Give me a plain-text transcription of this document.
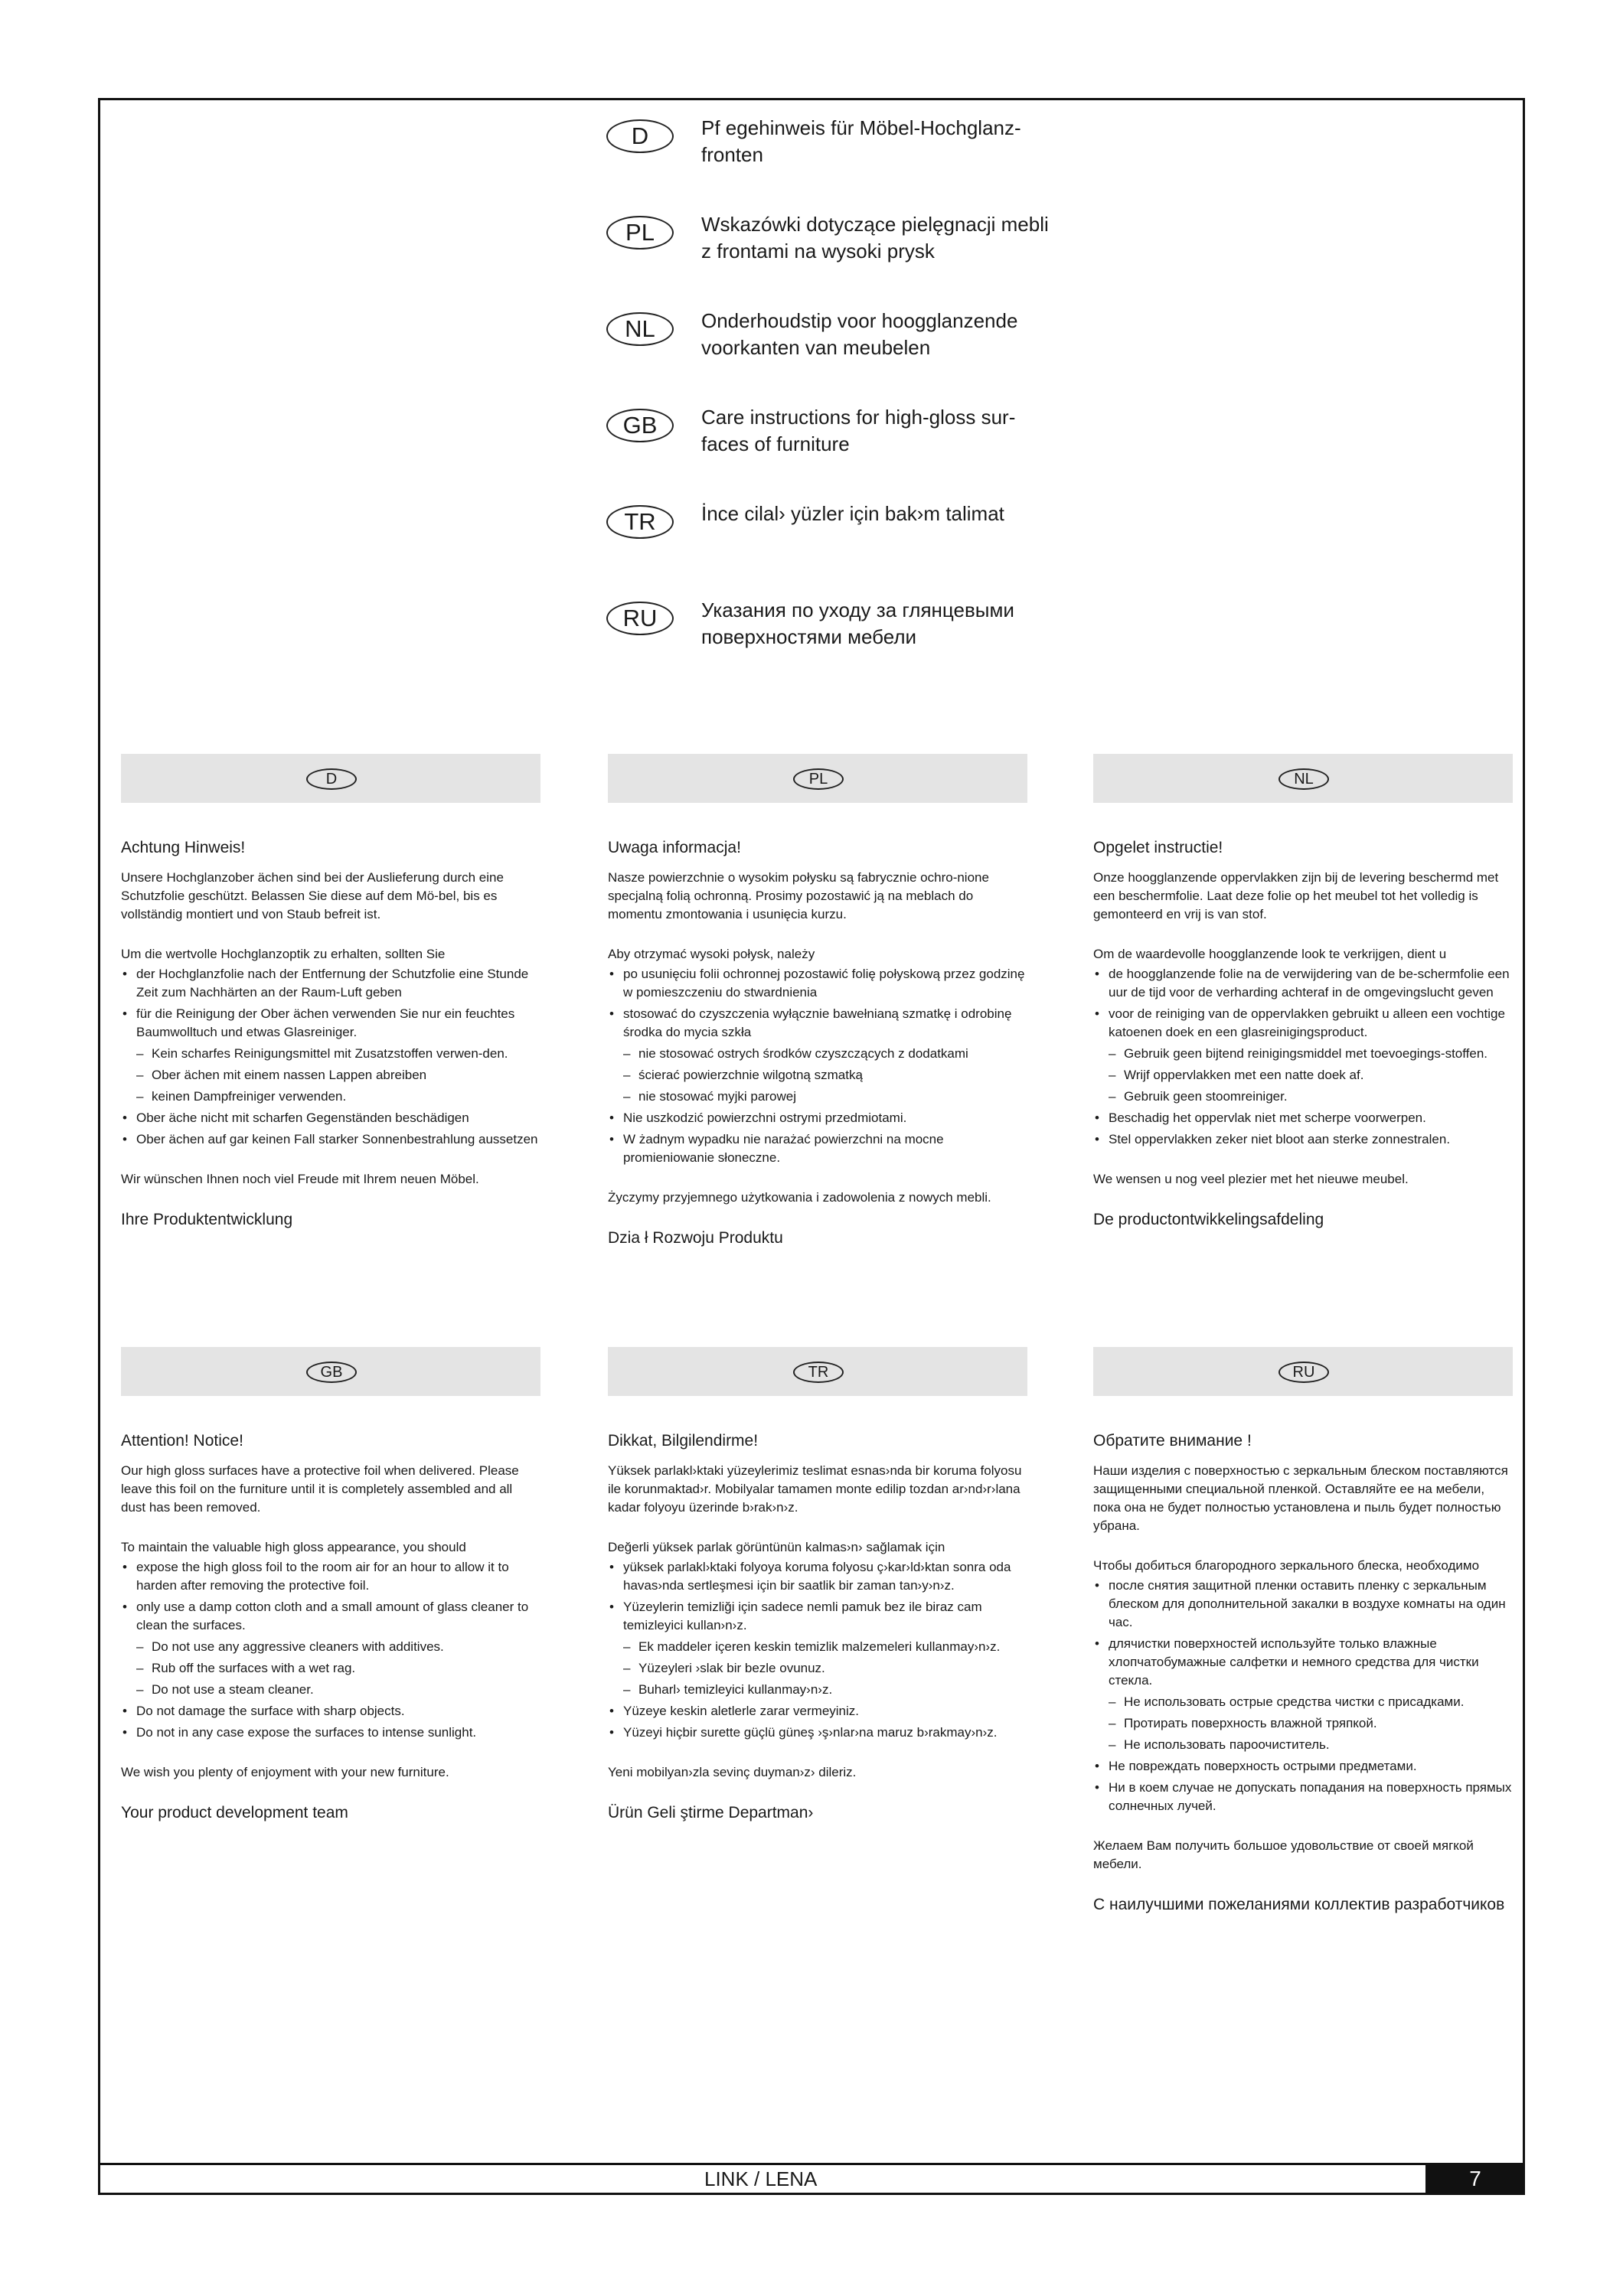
D	Pf egehinweis für Möbel-Hochglanz-
fronten
PL	Wskazówki dotyczące pielęgnacji mebli
z frontami na wysoki prysk
NL	Onderhoudstip voor hoogglanzende
voorkanten van meubelen
GB	Care instructions for high-gloss sur-
faces of furniture
TR	İnce cilal› yüzler için bak›m talimat
RU	Указания по уходу за глянцевыми
поверхностями мебели
D
Achtung Hinweis!
Unsere Hochglanzober ächen sind bei der Auslieferung durch eine Schutzfolie geschützt. Belassen Sie diese auf dem Mö-bel, bis es vollständig montiert und von Staub befreit ist.
Um die wertvolle Hochglanzoptik zu erhalten, sollten Sie
• der Hochglanzfolie nach der Entfernung der Schutzfolie eine Stunde Zeit zum Nachhärten an der Raum-Luft geben
• für die Reinigung der Ober ächen verwenden Sie nur ein feuchtes Baumwolltuch und etwas Glasreiniger.
– Kein scharfes Reinigungsmittel mit Zusatzstoffen verwen-den.
– Ober ächen mit einem nassen Lappen abreiben
– keinen Dampfreiniger verwenden.
• Ober äche nicht mit scharfen Gegenständen beschädigen
• Ober ächen auf gar keinen Fall starker Sonnenbestrahlung aussetzen
Wir wünschen Ihnen noch viel Freude mit Ihrem neuen Möbel.
Ihre Produktentwicklung
PL
Uwaga informacja!
Nasze powierzchnie o wysokim połysku są fabrycznie ochro-nione specjalną folią ochronną. Prosimy pozostawić ją na meblach do momentu zmontowania i usunięcia kurzu.
Aby otrzymać wysoki połysk, należy
• po usunięciu folii ochronnej pozostawić folię połyskową przez godzinę w pomieszczeniu do stwardnienia
• stosować do czyszczenia wyłącznie bawełnianą szmatkę i odrobinę środka do mycia szkła
– nie stosować ostrych środków czyszczących z dodatkami
– ścierać powierzchnie wilgotną szmatką
– nie stosować myjki parowej
• Nie uszkodzić powierzchni ostrymi przedmiotami.
• W żadnym wypadku nie narażać powierzchni na mocne promieniowanie słoneczne.
Życzymy przyjemnego użytkowania i zadowolenia z nowych mebli.
Dzia ł Rozwoju Produktu
NL
Opgelet instructie!
Onze hoogglanzende oppervlakken zijn bij de levering beschermd met een beschermfolie. Laat deze folie op het meubel tot het volledig is gemonteerd en vrij is van stof.
Om de waardevolle hoogglanzende look te verkrijgen, dient u
• de hoogglanzende folie na de verwijdering van de be-schermfolie een uur de tijd voor de verharding achteraf in de omgevingslucht geven
• voor de reiniging van de oppervlakken gebruikt u alleen een vochtige katoenen doek en een glasreinigingsproduct.
– Gebruik geen bijtend reinigingsmiddel met toevoegings-stoffen.
– Wrijf oppervlakken met een natte doek af.
– Gebruik geen stoomreiniger.
• Beschadig het oppervlak niet met scherpe voorwerpen.
• Stel oppervlakken zeker niet bloot aan sterke zonnestralen.
We wensen u nog veel plezier met het nieuwe meubel.
De productontwikkelingsafdeling
GB
Attention! Notice!
Our high gloss surfaces have a protective foil when delivered. Please leave this foil on the furniture until it is completely assembled and all dust has been removed.
To maintain the valuable high gloss appearance, you should
• expose the high gloss foil to the room air for an hour to allow it to harden after removing the protective foil.
• only use a damp cotton cloth and a small amount of glass cleaner to clean the surfaces.
– Do not use any aggressive cleaners with additives.
– Rub off the surfaces with a wet rag.
– Do not use a steam cleaner.
• Do not damage the surface with sharp objects.
• Do not in any case expose the surfaces to intense sunlight.
We wish you plenty of enjoyment with your new furniture.
Your product development team
TR
Dikkat, Bilgilendirme!
Yüksek parlakl›ktaki yüzeylerimiz teslimat esnas›nda bir koruma folyosu ile korunmaktad›r. Mobilyalar tamamen monte edilip tozdan ar›nd›r›lana kadar folyoyu üzerinde b›rak›n›z.
Değerli yüksek parlak görüntünün kalmas›n› sağlamak için
• yüksek parlakl›ktaki folyoya koruma folyosu ç›kar›ld›ktan sonra oda havas›nda sertleşmesi için bir saatlik bir zaman tan›y›n›z.
• Yüzeylerin temizliği için sadece nemli pamuk bez ile biraz cam temizleyici kullan›n›z.
– Ek maddeler içeren keskin temizlik malzemeleri kullanmay›n›z.
– Yüzeyleri ›slak bir bezle ovunuz.
– Buharl› temizleyici kullanmay›n›z.
• Yüzeye keskin aletlerle zarar vermeyiniz.
• Yüzeyi hiçbir surette güçlü güneş ›ş›nlar›na maruz b›rakmay›n›z.
Yeni mobilyan›zla sevinç duyman›z› dileriz.
Ürün Geli ştirme Departman›
RU
Обратите внимание !
Наши изделия с поверхностью с зеркальным блеском поставляются защищенными специальной пленкой. Оставляйте ее на мебели, пока она не будет полностью установлена и пыль будет полностью убрана.
Чтобы добиться благородного зеркального блеска, необходимо
• после снятия защитной пленки оставить пленку с зеркальным блеском для дополнительной закалки в воздухе комнаты на один час.
• длячистки поверхностей используйте только влажные хлопчатобумажные салфетки и немного средства для чистки стекла.
– Не использовать острые средства чистки с присадками.
– Протирать поверхность влажной тряпкой.
– Не использовать пароочиститель.
• Не повреждать поверхность острыми предметами.
• Ни в коем случае не допускать попадания на поверхность прямых солнечных лучей.
Желаем Вам получить большое удовольствие от своей мягкой мебели.
С наилучшими пожеланиями коллектив разработчиков
LINK / LENA	7
